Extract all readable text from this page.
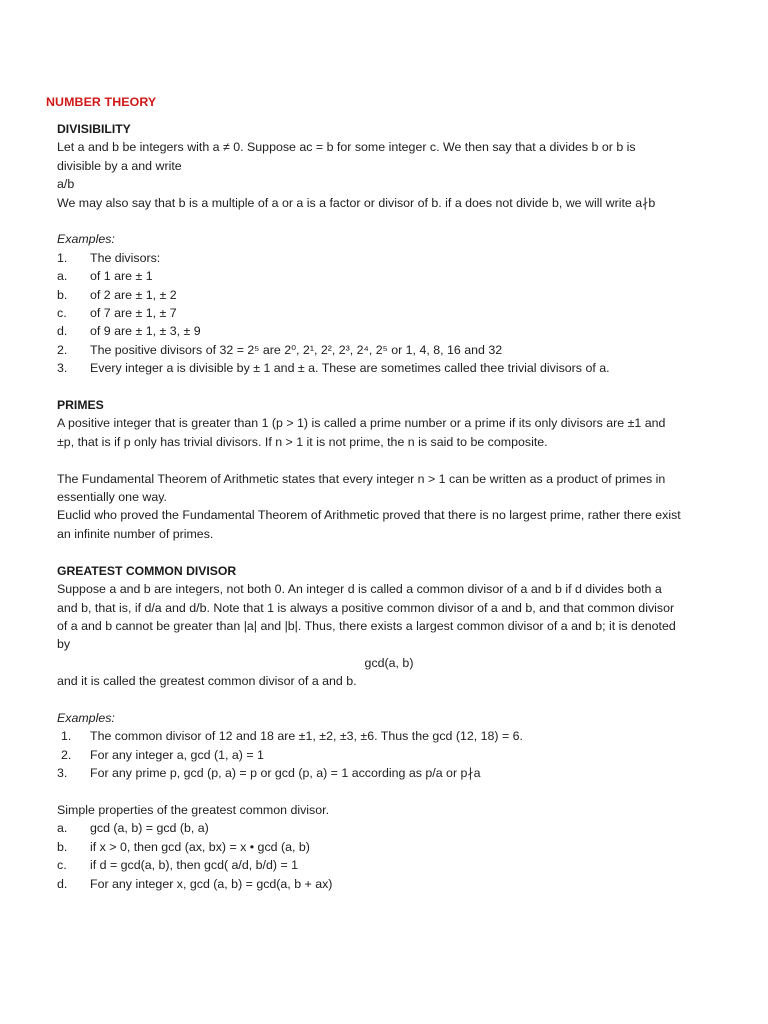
NUMBER THEORY

DIVISIBILITY

Let a and b be integers with a ≠ 0. Suppose ac = b for some integer c. We then say that a divides b or b is divisible by a and write

a/b

We may also say that b is a multiple of a or a is a factor or divisor of b. if a does not divide b, we will write a∤b

Examples:

1.	The divisors:
a.	of 1 are ± 1
b.	of 2 are ± 1, ± 2
c.	of 7 are ± 1, ± 7
d.	of 9 are ± 1, ± 3, ± 9
2.	The positive divisors of 32 = 2⁵ are 2⁰, 2¹, 2², 2³, 2⁴, 2⁵ or 1, 4, 8, 16 and 32
3.	Every integer a is divisible by ± 1 and ± a. These are sometimes called thee trivial divisors of a.

PRIMES

A positive integer that is greater than 1 (p > 1) is called a prime number or a prime if its only divisors are ±1 and ±p, that is if p only has trivial divisors. If n > 1 it is not prime, the n is said to be composite.

The Fundamental Theorem of Arithmetic states that every integer n > 1 can be written as a product of primes in essentially one way.

Euclid who proved the Fundamental Theorem of Arithmetic proved that there is no largest prime, rather there exist an infinite number of primes.

GREATEST COMMON DIVISOR

Suppose a and b are integers, not both 0. An integer d is called a common divisor of a and b if d divides both a and b, that is, if d/a and d/b. Note that 1 is always a positive common divisor of a and b, and that common divisor of a and b cannot be greater than |a| and |b|. Thus, there exists a largest common divisor of a and b; it is denoted by

gcd(a, b)

and it is called the greatest common divisor of a and b.

Examples:

1.	The common divisor of 12 and 18 are ±1, ±2, ±3, ±6. Thus the gcd (12, 18) = 6.
2.	For any integer a, gcd (1, a) = 1
3.	For any prime p, gcd (p, a) = p or gcd (p, a) = 1 according as p/a or p∤a

Simple properties of the greatest common divisor.

a.	gcd (a, b) = gcd (b, a)
b.	if x > 0, then gcd (ax, bx) = x • gcd (a, b)
c.	if d = gcd(a, b), then gcd( a/d, b/d) = 1
d.	For any integer x, gcd (a, b) = gcd(a, b + ax)
